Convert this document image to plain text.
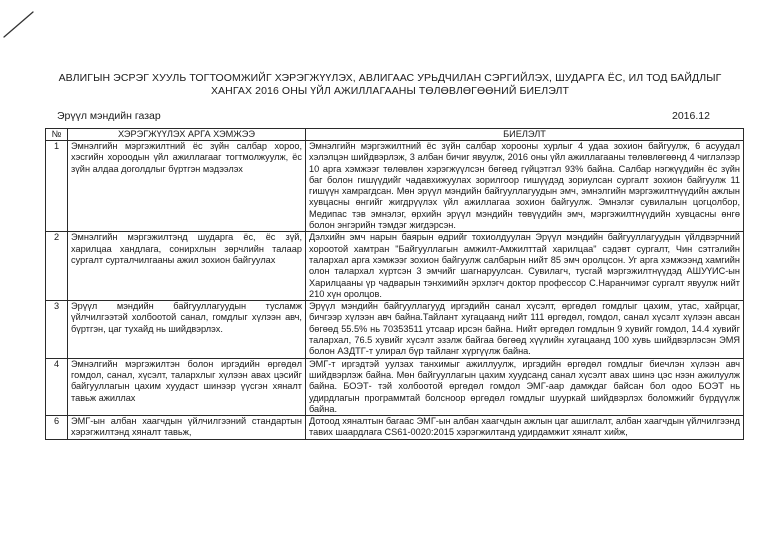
АВЛИГЫН ЭСРЭГ ХУУЛЬ ТОГТООМЖИЙГ ХЭРЭГЖҮҮЛЭХ, АВЛИГААС УРЬДЧИЛАН СЭРГИЙЛЭХ, ШУДАРГА ЁС, ИЛ ТОД БАЙДЛЫГ
ХАНГАХ 2016 ОНЫ ҮЙЛ АЖИЛЛАГААНЫ ТӨЛӨВЛӨГӨӨНИЙ БИЕЛЭЛТ
Эрүүл мэндийн газар	2016.12
№	ХЭРЭГЖҮҮЛЭХ АРГА ХЭМЖЭЭ	БИЕЛЭЛТ
1	Эмнэлгийн мэргэжилтний ёс зүйн салбар хороо, хэсгийн хороодын үйл ажиллагааг тогтмолжуулж, ёс зүйн алдаа доголдлыг бүртгэн мэдээлэх	Эмнэлгийн мэргэжилтний ёс зүйн салбар хорооны хурлыг 4 удаа зохион байгуулж, 6 асуудал хэлэлцэн шийдвэрлэж, 3 албан бичиг явуулж, 2016 оны үйл ажиллагааны төлөвлөгөөнд 4 чиглэлээр 10 арга хэмжээг төлөвлөн хэрэгжүүлсэн бөгөөд гүйцэтгэл 93% байна. Салбар нэгжүүдийн ёс зүйн баг болон гишүүдийг чадавхижуулах зорилгоор гишүүдэд зориулсан сургалт зохион байгуулж 11 гишүүн хамрагдсан. Мөн эрүүл мэндийн байгууллагуудын эмч, эмнэлгийн мэргэжилтнүүдийн ажлын хувцасны өнгийг жигдрүүлэх үйл ажиллагаа зохион байгуулж. Эмнэлэг сувилалын цогцолбор, Медипас тэв эмнэлэг, өрхийн эрүүл мэндийн төвүүдийн эмч, мэргэжилтнүүдийн хувцасны өнгө болон энгэрийн тэмдэг жигдэрсэн.
2	Эмнэлгийн мэргэжилтэнд шударга ёс, ёс зүй, харилцаа хандлага, сонирхлын зөрчлийн талаар сургалт сурталчилгааны ажил зохион байгуулах	Дэлхийн эмч нарын баярын өдрийг тохиолдуулан Эрүүл мэндийн байгууллагуудын үйлдвэрчний хороотой хамтран "Байгууллагын амжилт-Амжилттай харилцаа" сэдэвт сургалт, Чин сэтгэлийн талархал арга хэмжээг зохион байгуулж салбарын нийт 85 эмч оролцсон. Уг арга хэмжээнд хамгийн олон талархал хүртсэн 3 эмчийг шагнаруулсан. Сувилагч, тусгай мэргэжилтнүүдэд АШУҮИС-ын Харилцааны үр чадварын тэнхимийн эрхлэгч доктор профессор С.Наранчимэг сургалт явуулж нийт 210 хүн оролцов.
3	Эрүүл мэндийн байгууллагуудын тусламж үйлчилгээтэй холбоотой санал, гомдлыг хүлээн авч, бүртгэн, цаг тухайд нь шийдвэрлэх.	Эрүүл мэндийн байгууллагууд иргэдийн санал хүсэлт, өргөдөл гомдлыг цахим, утас, хайрцаг, бичгээр хүлээн авч байна.Тайлант хугацаанд нийт 111 өргөдөл, гомдол, санал хүсэлт хүлээн авсан бөгөөд 55.5% нь 70353511 утсаар ирсэн байна. Нийт өргөдөл гомдлын 9 хувийг гомдол, 14.4 хувийг талархал, 76.5 хувийг хүсэлт эзэлж байгаа бөгөөд хүүлийн хугацаанд 100 хувь шийдвэрлэсэн ЭМЯ болон АЗДТГ-т улирал бүр тайланг хүргүүлж байна.
4	Эмнэлгийн мэргэжилтэн болон иргэдийн өргөдөл гомдол, санал, хүсэлт, талархлыг хүлээн авах цэсийг байгууллагын цахим хуудаст шинээр үүсгэн хяналт тавьж ажиллах	ЭМГ-т иргэдтэй уулзах танхимыг ажиллуулж, иргэдийн өргөдөл гомдлыг биечлэн хүлээн авч шийдвэрлэж байна. Мөн байгууллагын цахим хуудсанд санал хүсэлт авах шинэ цэс нээн ажилуулж байна. БОЭТ- тэй холбоотой өргөдөл гомдол ЭМГ-аар дамждаг байсан бол одоо БОЭТ нь удирдлагын программтай болсноор өргөдөл гомдлыг шууркай шийдвэрлэх боломжийг бүрдүүлж байна.
6	ЭМГ-ын албан хаагчдын үйлчилгээний стандартын хэрэгжилтэнд хяналт тавьж,	Дотоод хяналтын багаас ЭМГ-ын албан хаагчдын ажлын цаг ашиглалт, албан хаагчдын үйлчилгээнд тавих шаардлага CS61-0020:2015 хэрэгжилтанд удирдамжит хяналт хийж,
